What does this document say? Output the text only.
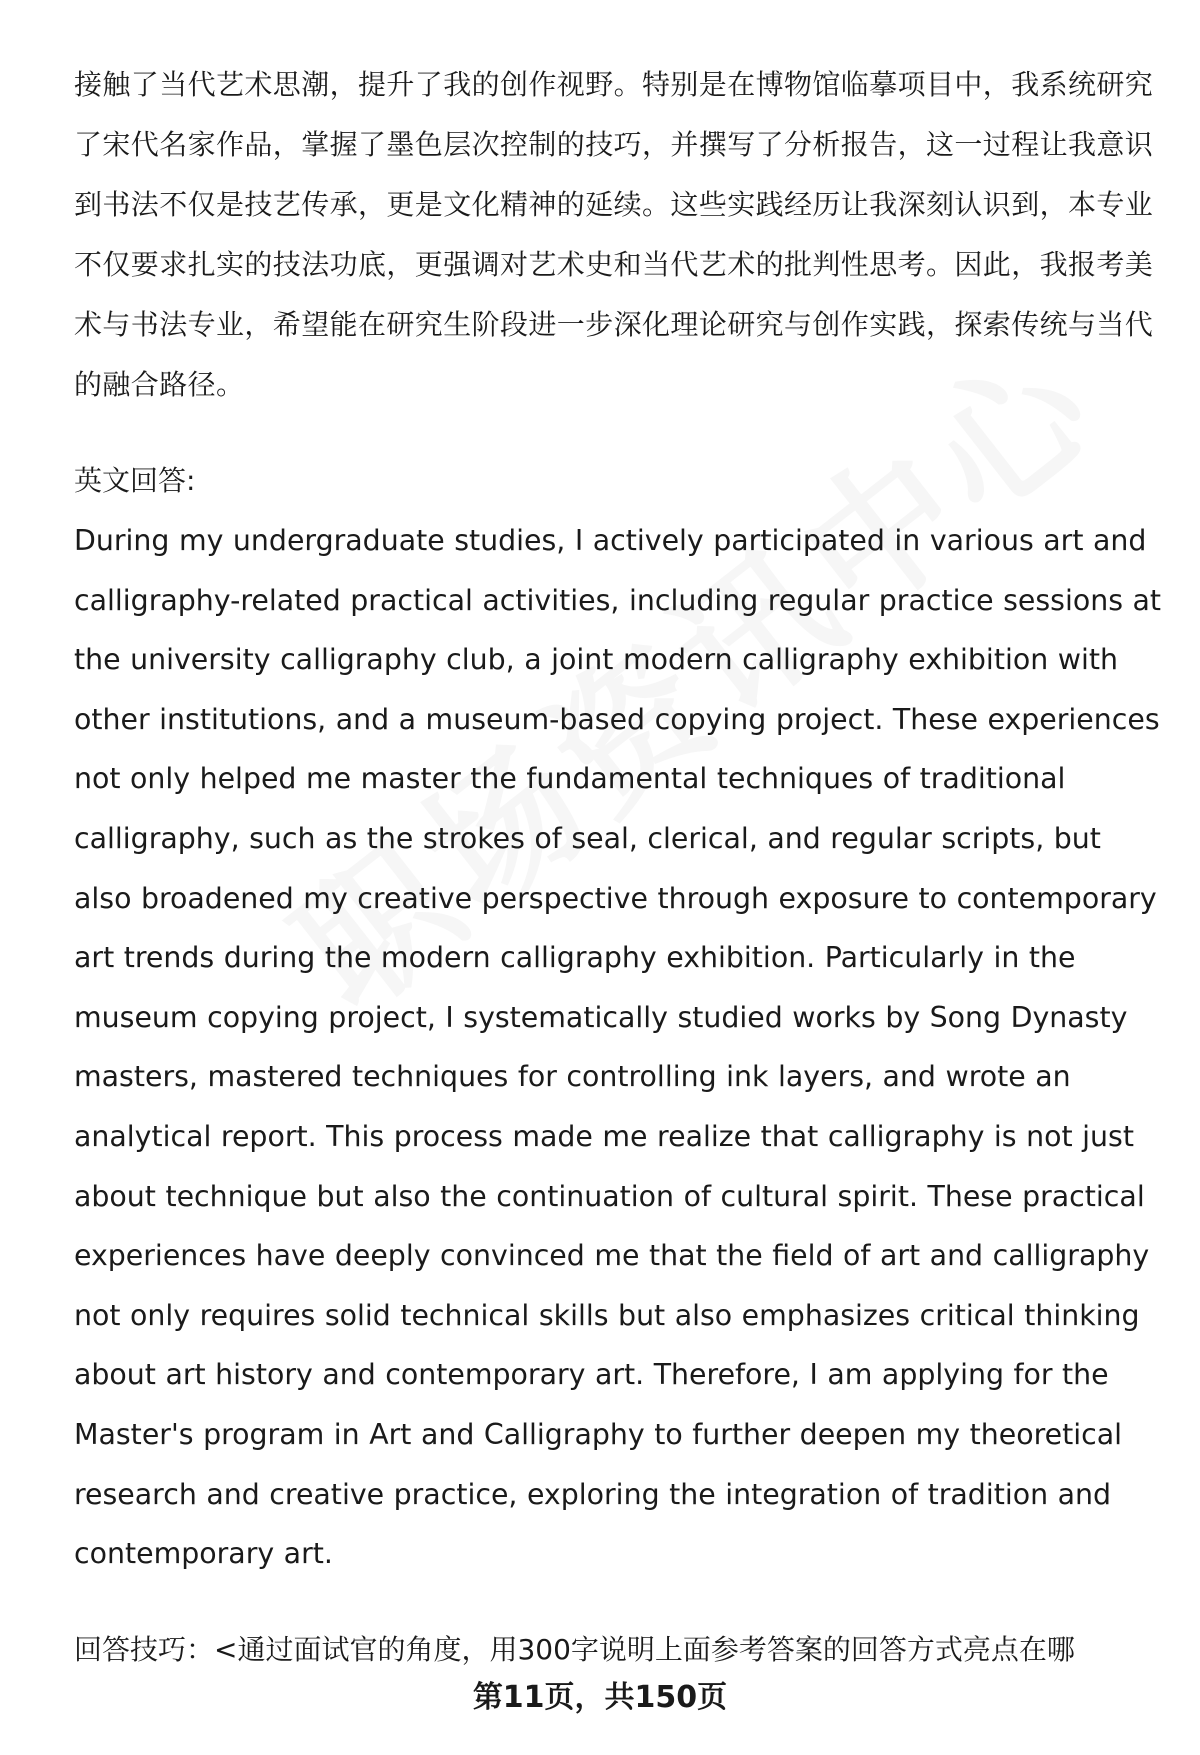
接触了当代艺术思潮，提升了我的创作视野。特别是在博物馆临摹项目中，我系统研究了宋代名家作品，掌握了墨色层次控制的技巧，并撰写了分析报告，这一过程让我意识到书法不仅是技艺传承，更是文化精神的延续。这些实践经历让我深刻认识到，本专业不仅要求扎实的技法功底，更强调对艺术史和当代艺术的批判性思考。因此，我报考美术与书法专业，希望能在研究生阶段进一步深化理论研究与创作实践，探索传统与当代的融合路径。

英文回答:

During my undergraduate studies, I actively participated in various art and calligraphy-related practical activities, including regular practice sessions at the university calligraphy club, a joint modern calligraphy exhibition with other institutions, and a museum-based copying project. These experiences not only helped me master the fundamental techniques of traditional calligraphy, such as the strokes of seal, clerical, and regular scripts, but also broadened my creative perspective through exposure to contemporary art trends during the modern calligraphy exhibition. Particularly in the museum copying project, I systematically studied works by Song Dynasty masters, mastered techniques for controlling ink layers, and wrote an analytical report. This process made me realize that calligraphy is not just about technique but also the continuation of cultural spirit. These practical experiences have deeply convinced me that the field of art and calligraphy not only requires solid technical skills but also emphasizes critical thinking about art history and contemporary art. Therefore, I am applying for the Master's program in Art and Calligraphy to further deepen my theoretical research and creative practice, exploring the integration of tradition and contemporary art.

回答技巧：<通过面试官的角度，用300字说明上面参考答案的回答方式亮点在哪

第11页，共150页
